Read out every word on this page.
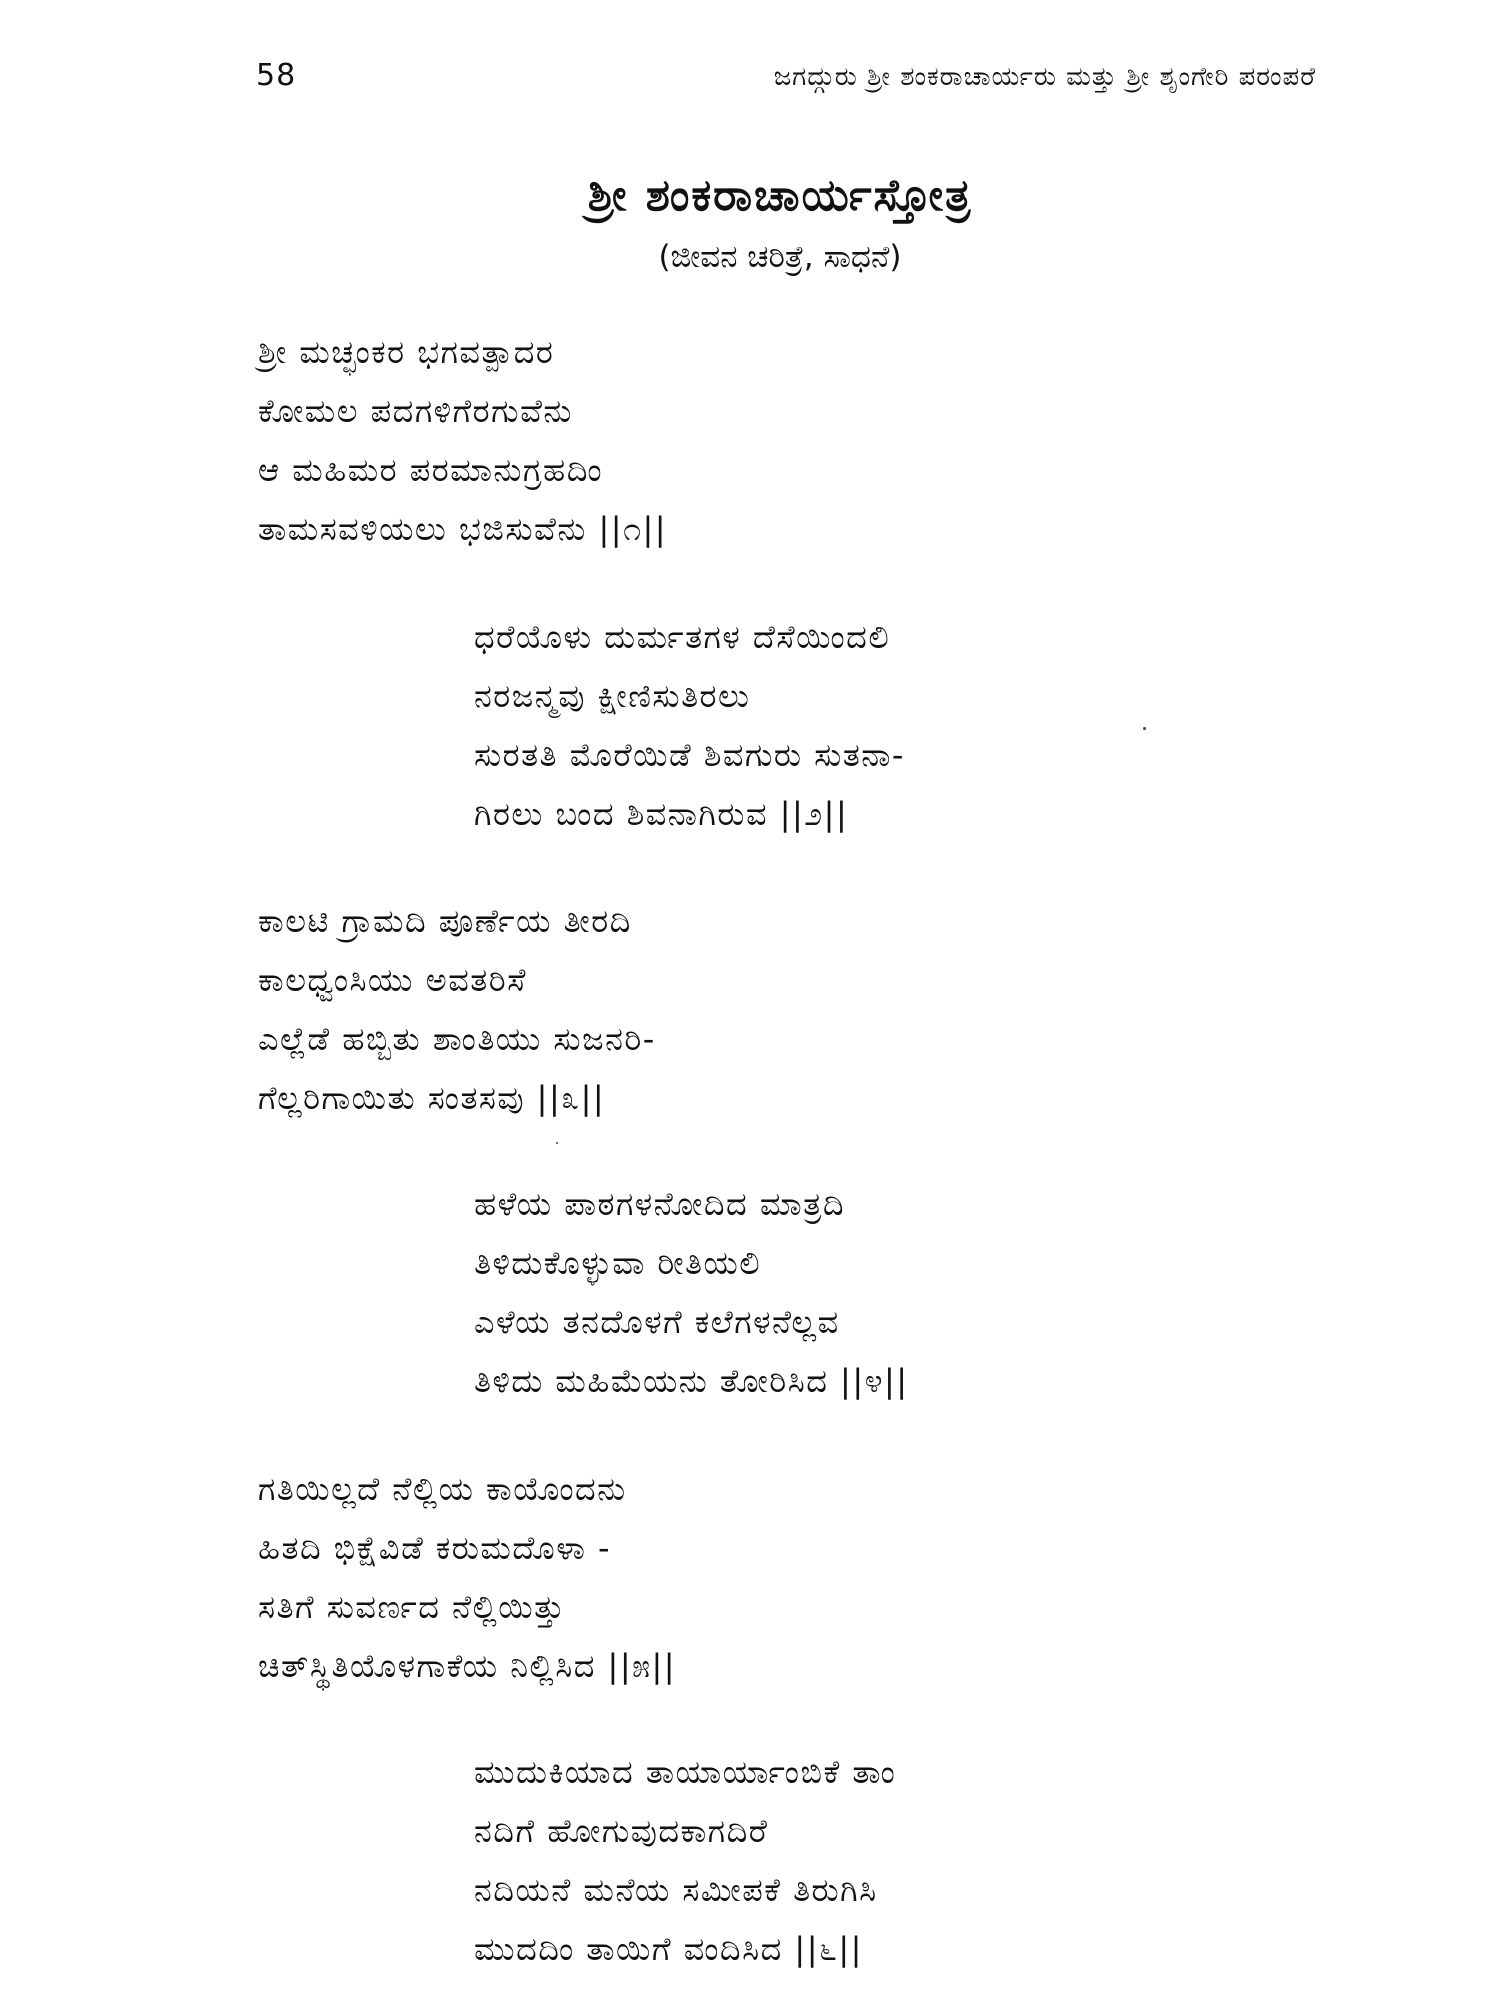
58	ಜಗದ್ಗುರು ಶ್ರೀ ಶಂಕರಾಚಾರ್ಯರು ಮತ್ತು ಶ್ರೀ ಶೃಂಗೇರಿ ಪರಂಪರೆ
ಶ್ರೀ ಶಂಕರಾಚಾರ್ಯಸ್ತೋತ್ರ
(ಜೀವನ ಚರಿತ್ರೆ, ಸಾಧನೆ)
ಶ್ರೀ ಮಚ್ಛಂಕರ ಭಗವತ್ಪಾದರ
ಕೋಮಲ ಪದಗಳಿಗೆರಗುವೆನು
ಆ ಮಹಿಮರ ಪರಮಾನುಗ್ರಹದಿಂ
ತಾಮಸವಳಿಯಲು ಭಜಿಸುವೆನು ||೧||
ಧರೆಯೊಳು ದುರ್ಮತಗಳ ದೆಸೆಯಿಂದಲಿ
ನರಜನ್ಮವು ಕ್ಷೀಣಿಸುತಿರಲು
ಸುರತತಿ ಮೊರೆಯಿಡೆ ಶಿವಗುರು ಸುತನಾ-
ಗಿರಲು ಬಂದ ಶಿವನಾಗಿರುವ ||೨||
ಕಾಲಟಿ ಗ್ರಾಮದಿ ಪೂರ್ಣೆಯ ತೀರದಿ
ಕಾಲಧ್ವಂಸಿಯು ಅವತರಿಸೆ
ಎಲ್ಲೆಡೆ ಹಬ್ಬಿತು ಶಾಂತಿಯು ಸುಜನರಿ-
ಗೆಲ್ಲರಿಗಾಯಿತು ಸಂತಸವು ||೩||
ಹಳೆಯ ಪಾಠಗಳನೋದಿದ ಮಾತ್ರದಿ
ತಿಳಿದುಕೊಳ್ಳುವಾ ರೀತಿಯಲಿ
ಎಳೆಯ ತನದೊಳಗೆ ಕಲೆಗಳನೆಲ್ಲವ
ತಿಳಿದು ಮಹಿಮೆಯನು ತೋರಿಸಿದ ||೪||
ಗತಿಯಿಲ್ಲದೆ ನೆಲ್ಲಿಯ ಕಾಯೊಂದನು
ಹಿತದಿ ಭಿಕ್ಷೆವಿಡೆ ಕರುಮದೊಳಾ -
ಸತಿಗೆ ಸುವರ್ಣದ ನೆಲ್ಲಿಯಿತ್ತು
ಚಿತ್‌ಸ್ಥಿತಿಯೊಳಗಾಕೆಯ ನಿಲ್ಲಿಸಿದ ||೫||
ಮುದುಕಿಯಾದ ತಾಯಾರ್ಯಾಂಬಿಕೆ ತಾಂ
ನದಿಗೆ ಹೋಗುವುದಕಾಗದಿರೆ
ನದಿಯನೆ ಮನೆಯ ಸಮೀಪಕೆ ತಿರುಗಿಸಿ
ಮುದದಿಂ ತಾಯಿಗೆ ವಂದಿಸಿದ ||೬||
